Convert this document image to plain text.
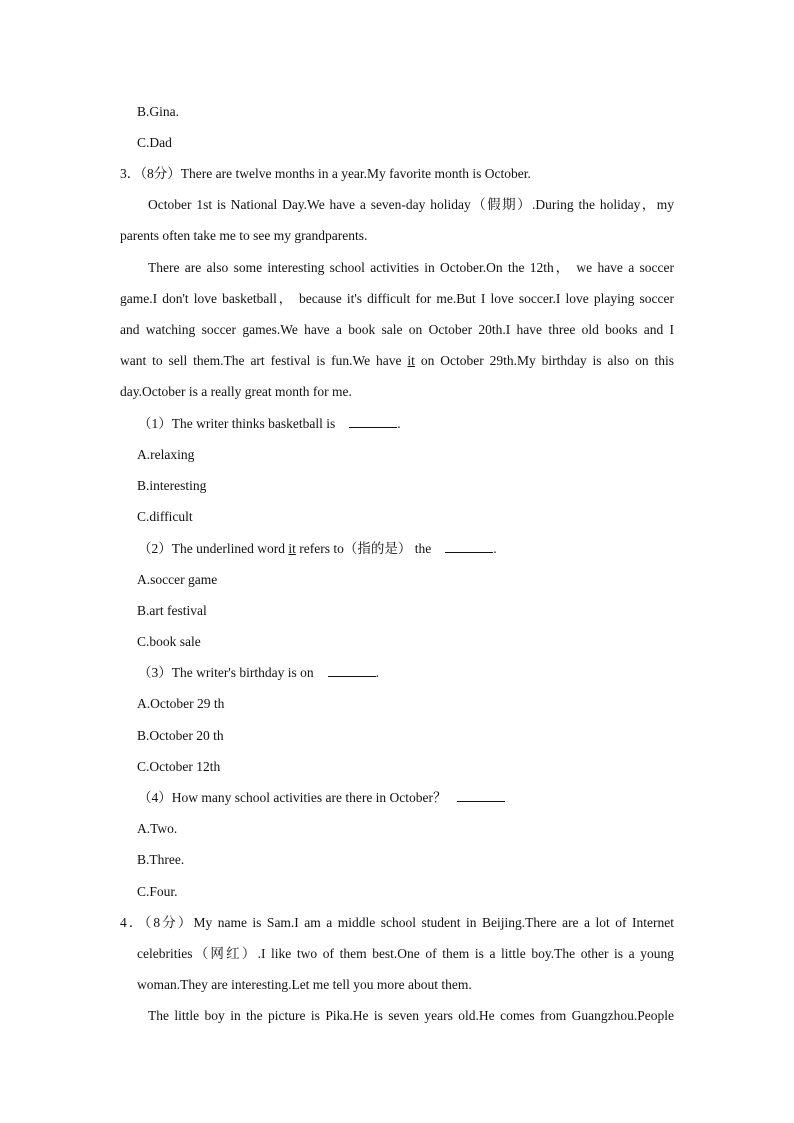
B.Gina.
C.Dad
3．（8分）There are twelve months in a year.My favorite month is October.
October 1st is National Day.We have a seven‐day holiday（假期）.During the holiday，my
parents often take me to see my grandparents.
There are also some interesting school activities in October.On the 12th， we have a soccer
game.I don't love basketball， because it's difficult for me.But I love soccer.I love playing soccer
and watching soccer games.We have a book sale on October 20th.I have three old books and I
want to sell them.The art festival is fun.We have it on October 29th.My birthday is also on this
day.October is a really great month for me.
（1）The writer thinks basketball is	.
A.relaxing
B.interesting
C.difficult
（2）The underlined word it refers to（指的是） the	.
A.soccer game
B.art festival
C.book sale
（3）The writer's birthday is on	.
A.October 29 th
B.October 20 th
C.October 12th
（4）How many school activities are there in October？
A.Two.
B.Three.
C.Four.
4．（8分）My name is Sam.I am a middle school student in Beijing.There are a lot of Internet
celebrities（网红）.I like two of them best.One of them is a little boy.The other is a young
woman.They are interesting.Let me tell you more about them.
The little boy in the picture is Pika.He is seven years old.He comes from Guangzhou.People
